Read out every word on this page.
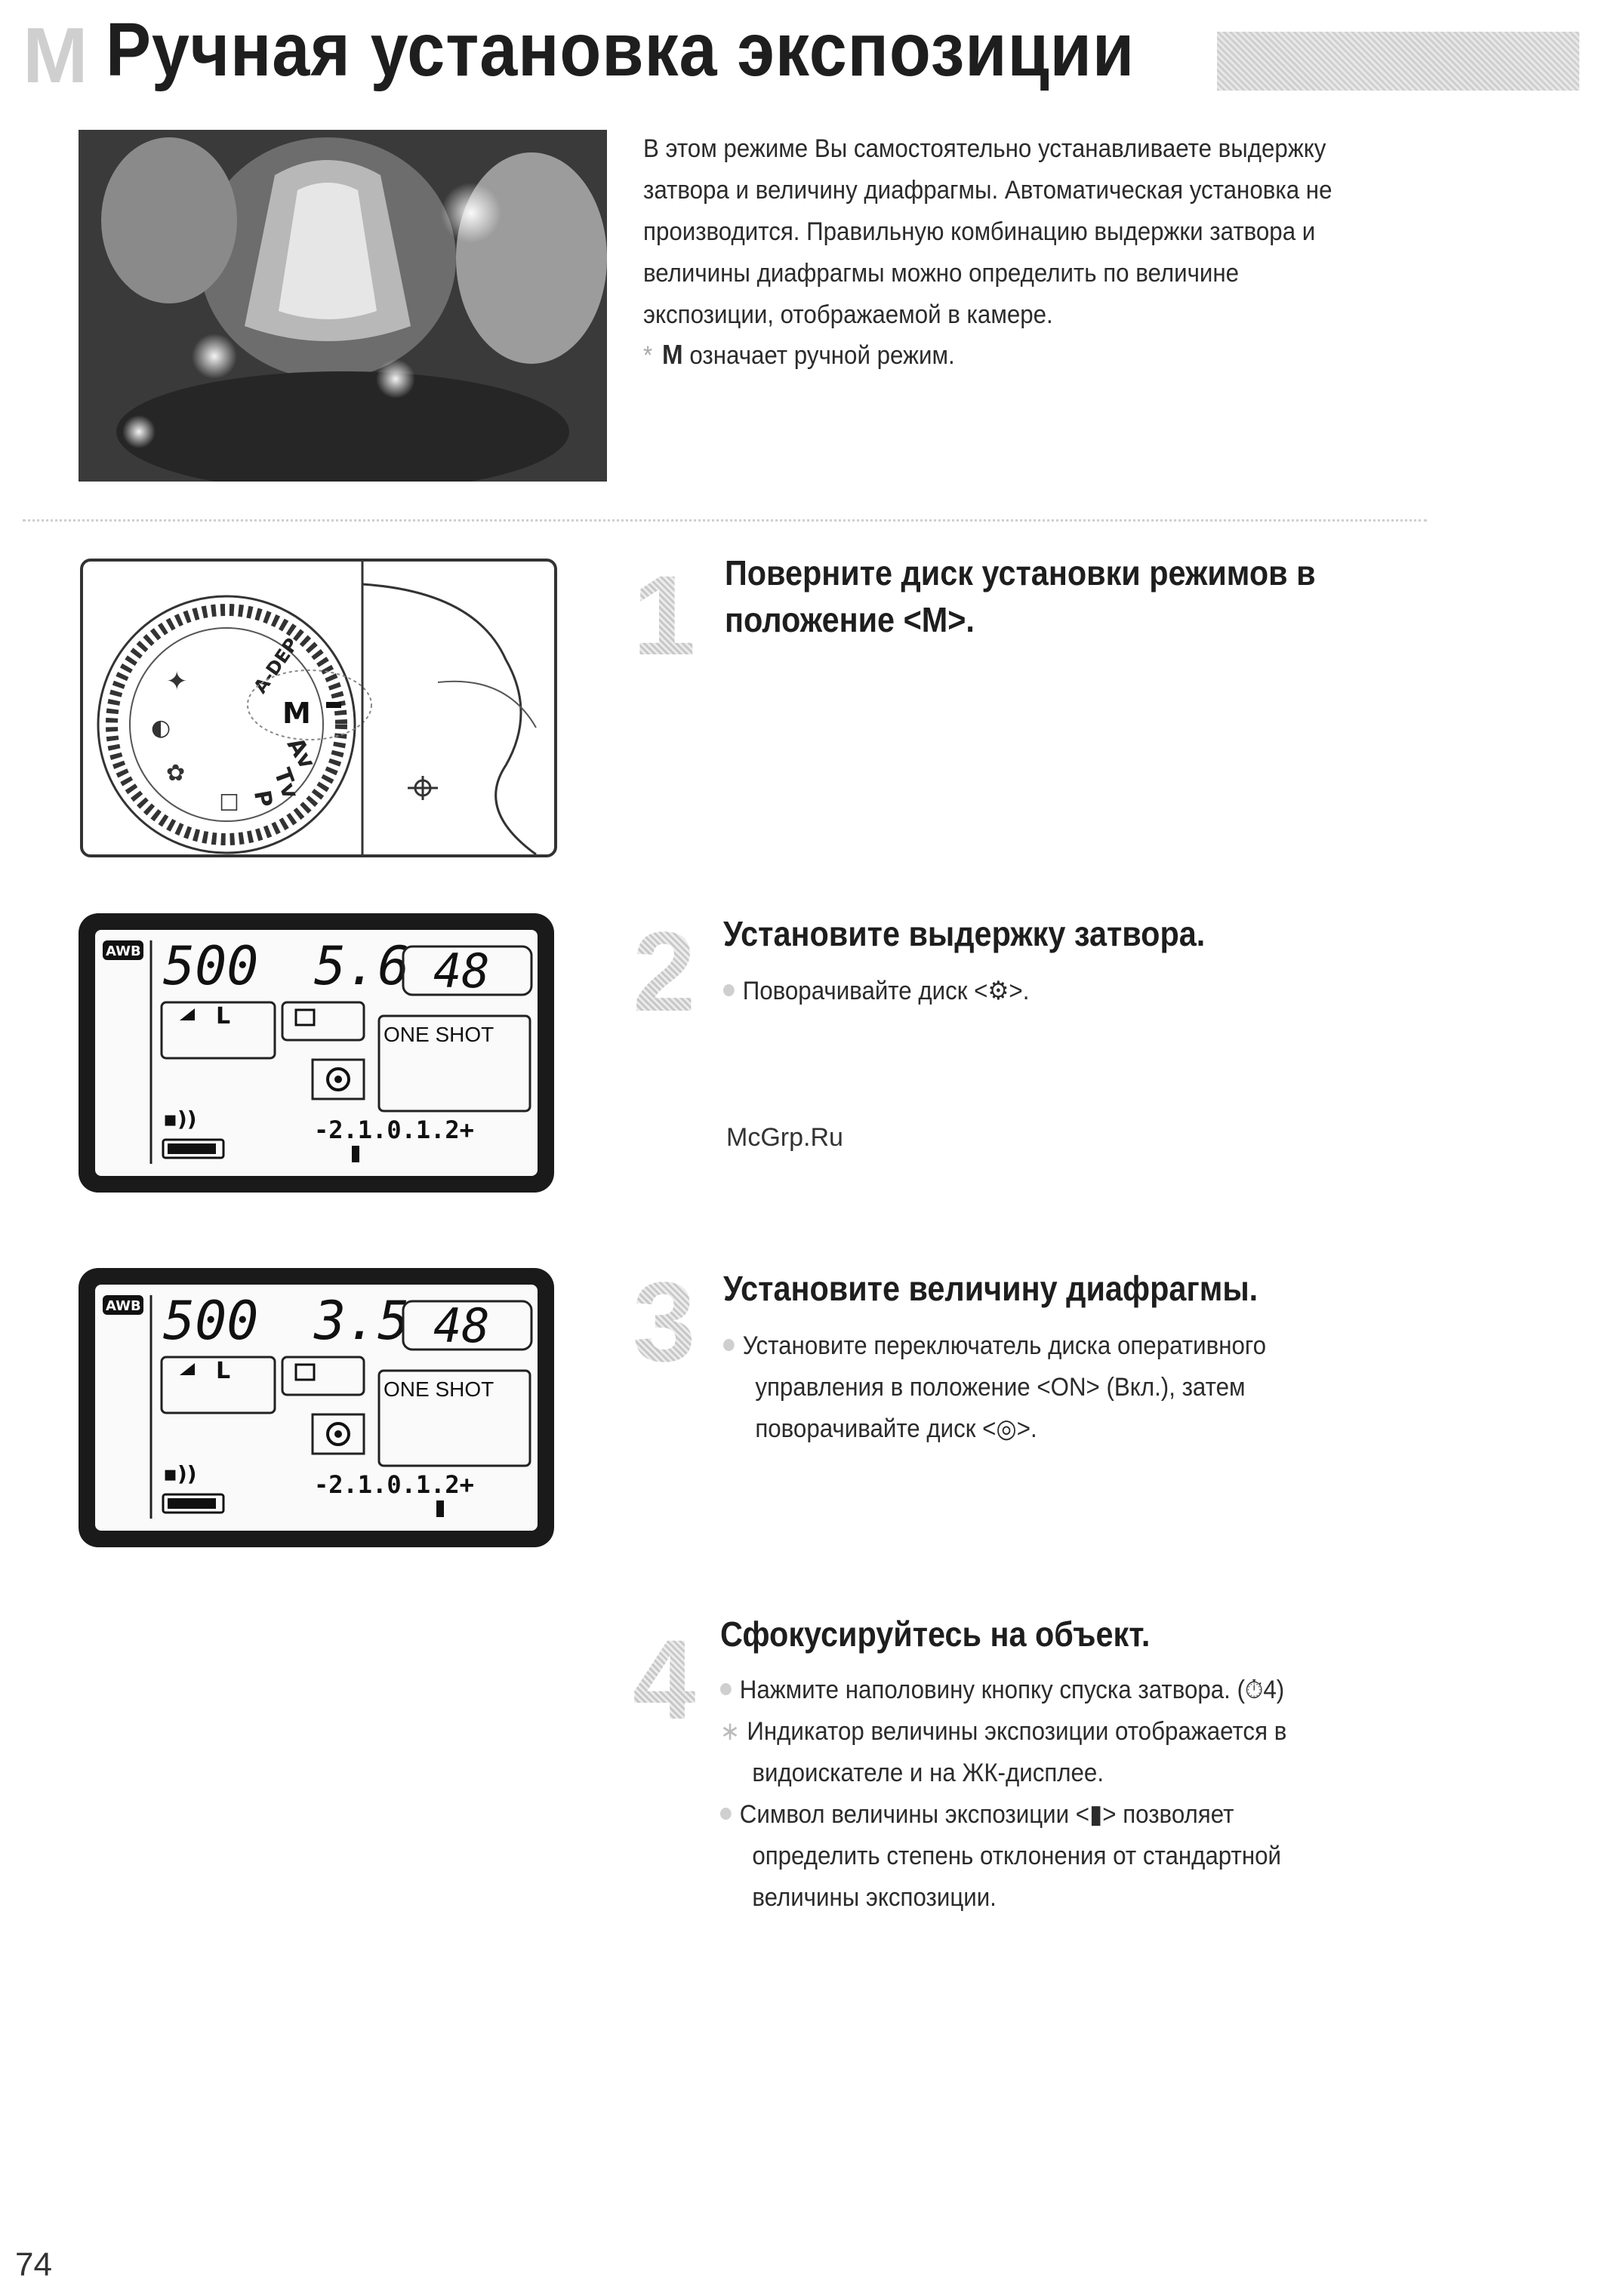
M Ручная установка экспозиции
В этом режиме Вы самостоятельно устанавливаете выдержку затвора и величину диафрагмы. Автоматическая установка не производится. Правильную комбинацию выдержки затвора и величины диафрагмы можно определить по величине экспозиции, отображаемой в камере.
* M означает ручной режим.
1 Поверните диск установки режимов в положение <M>.
✦
◐
✿
☐
A-DEP
M
Av
Tv
P
2 Установите выдержку затвора.
Поворачивайте диск <⚙>.
AWB 500 5.6 48
L
ONE SHOT
▪))	-2.1.0.1.2+	McGrp.Ru
3 Установите величину диафрагмы.
Установите переключатель диска оперативного управления в положение <ON> (Вкл.), затем поворачивайте диск <◎>.
AWB 500 3.5 48
L
ONE SHOT
▪))	-2.1.0.1.2+
4 Сфокусируйтесь на объект.
Нажмите наполовину кнопку спуска затвора. (⏱4)
∗ Индикатор величины экспозиции отображается в видоискателе и на ЖК-дисплее.
Символ величины экспозиции <▮> позволяет определить степень отклонения от стандартной величины экспозиции.
74
